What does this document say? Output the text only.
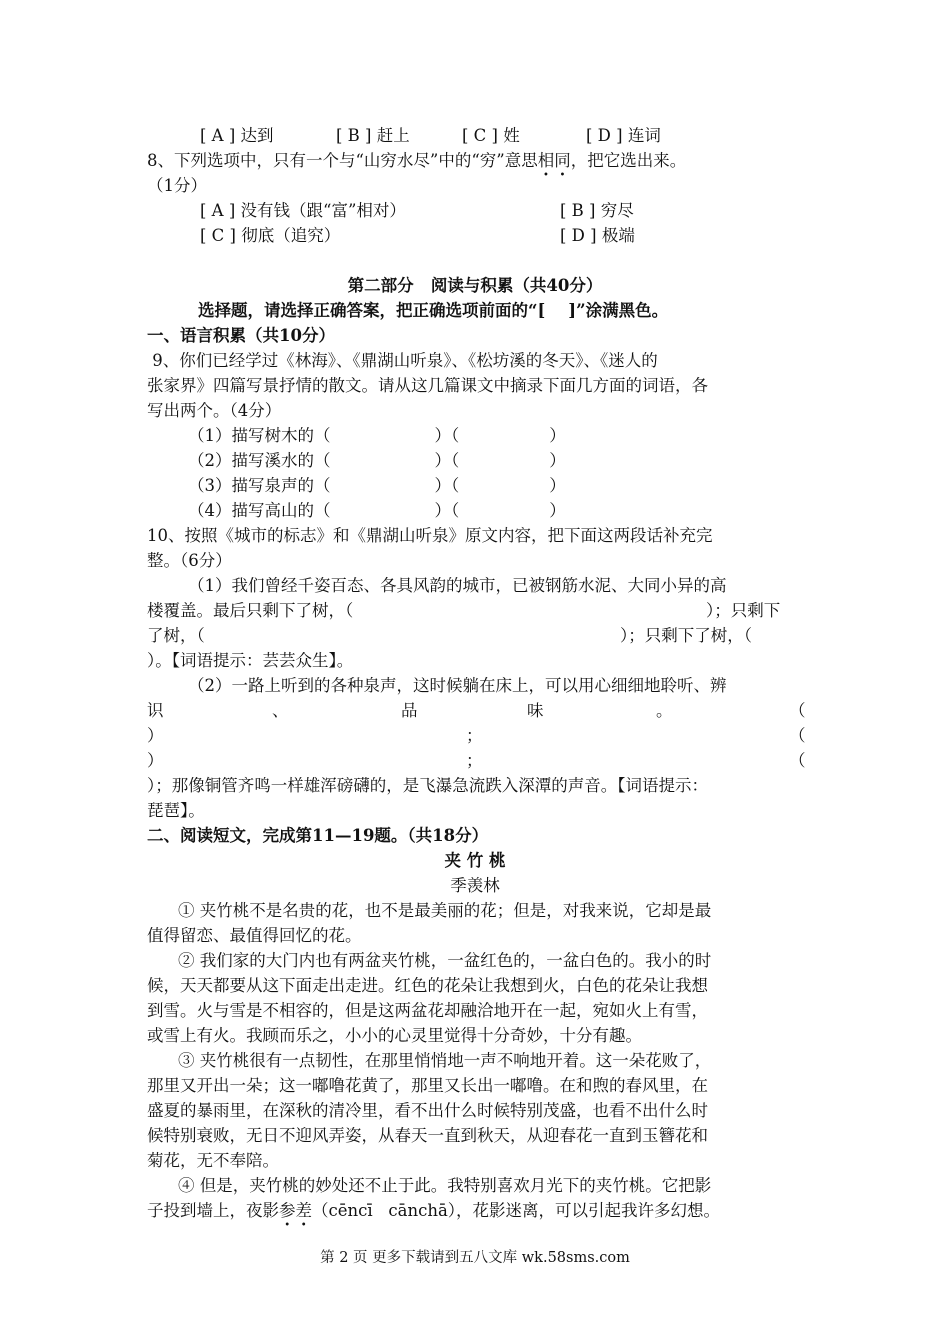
[ A ] 达到	[ B ] 赶上	[ C ] 姓	[ D ] 连词
8、下列选项中，只有一个与“山穷水尽”中的“穷”意思相同，把它选出来。
（1分）
[ A ] 没有钱（跟“富”相对）	[ B ] 穷尽
[ C ] 彻底（追究）	[ D ] 极端
第二部分   阅读与积累（共40分）
选择题，请选择正确答案，把正确选项前面的“[    ]”涂满黑色。
一、语言积累（共10分）
9、你们已经学过《林海》、《鼎湖山听泉》、《松坊溪的冬天》、《迷人的
张家界》四篇写景抒情的散文。请从这几篇课文中摘录下面几方面的词语，各
写出两个。（4分）
（1）描写树木的（	）（	）
（2）描写溪水的（	）（	）
（3）描写泉声的（	）（	）
（4）描写高山的（	）（	）
10、按照《城市的标志》和《鼎湖山听泉》原文内容，把下面这两段话补充完
整。（6分）
（1）我们曾经千姿百态、各具风韵的城市，已被钢筋水泥、大同小异的高
楼覆盖。最后只剩下了树，（	）；只剩下
了树，（	）；只剩下了树，（
）。【词语提示：芸芸众生】。
（2）一路上听到的各种泉声，这时候躺在床上，可以用心细细地聆听、辨
识	、	品	味	。	（
）	；	（
）	；	（
）；那像铜管齐鸣一样雄浑磅礴的，是飞瀑急流跌入深潭的声音。【词语提示：
琵琶】。
二、阅读短文，完成第11—19题。（共18分）
夹 竹 桃
季羡林
① 夹竹桃不是名贵的花，也不是最美丽的花；但是，对我来说，它却是最
值得留恋、最值得回忆的花。
② 我们家的大门内也有两盆夹竹桃，一盆红色的，一盆白色的。我小的时
候，天天都要从这下面走出走进。红色的花朵让我想到火，白色的花朵让我想
到雪。火与雪是不相容的，但是这两盆花却融洽地开在一起，宛如火上有雪，
或雪上有火。我顾而乐之，小小的心灵里觉得十分奇妙，十分有趣。
③ 夹竹桃很有一点韧性，在那里悄悄地一声不响地开着。这一朵花败了，
那里又开出一朵；这一嘟噜花黄了，那里又长出一嘟噜。在和煦的春风里，在
盛夏的暴雨里，在深秋的清冷里，看不出什么时候特别茂盛，也看不出什么时
候特别衰败，无日不迎风弄姿，从春天一直到秋天，从迎春花一直到玉簪花和
菊花，无不奉陪。
④ 但是，夹竹桃的妙处还不止于此。我特别喜欢月光下的夹竹桃。它把影
子投到墙上，夜影参差（cēncī   cānchā），花影迷离，可以引起我许多幻想。
第 2 页 更多下载请到五八文库 wk.58sms.com
